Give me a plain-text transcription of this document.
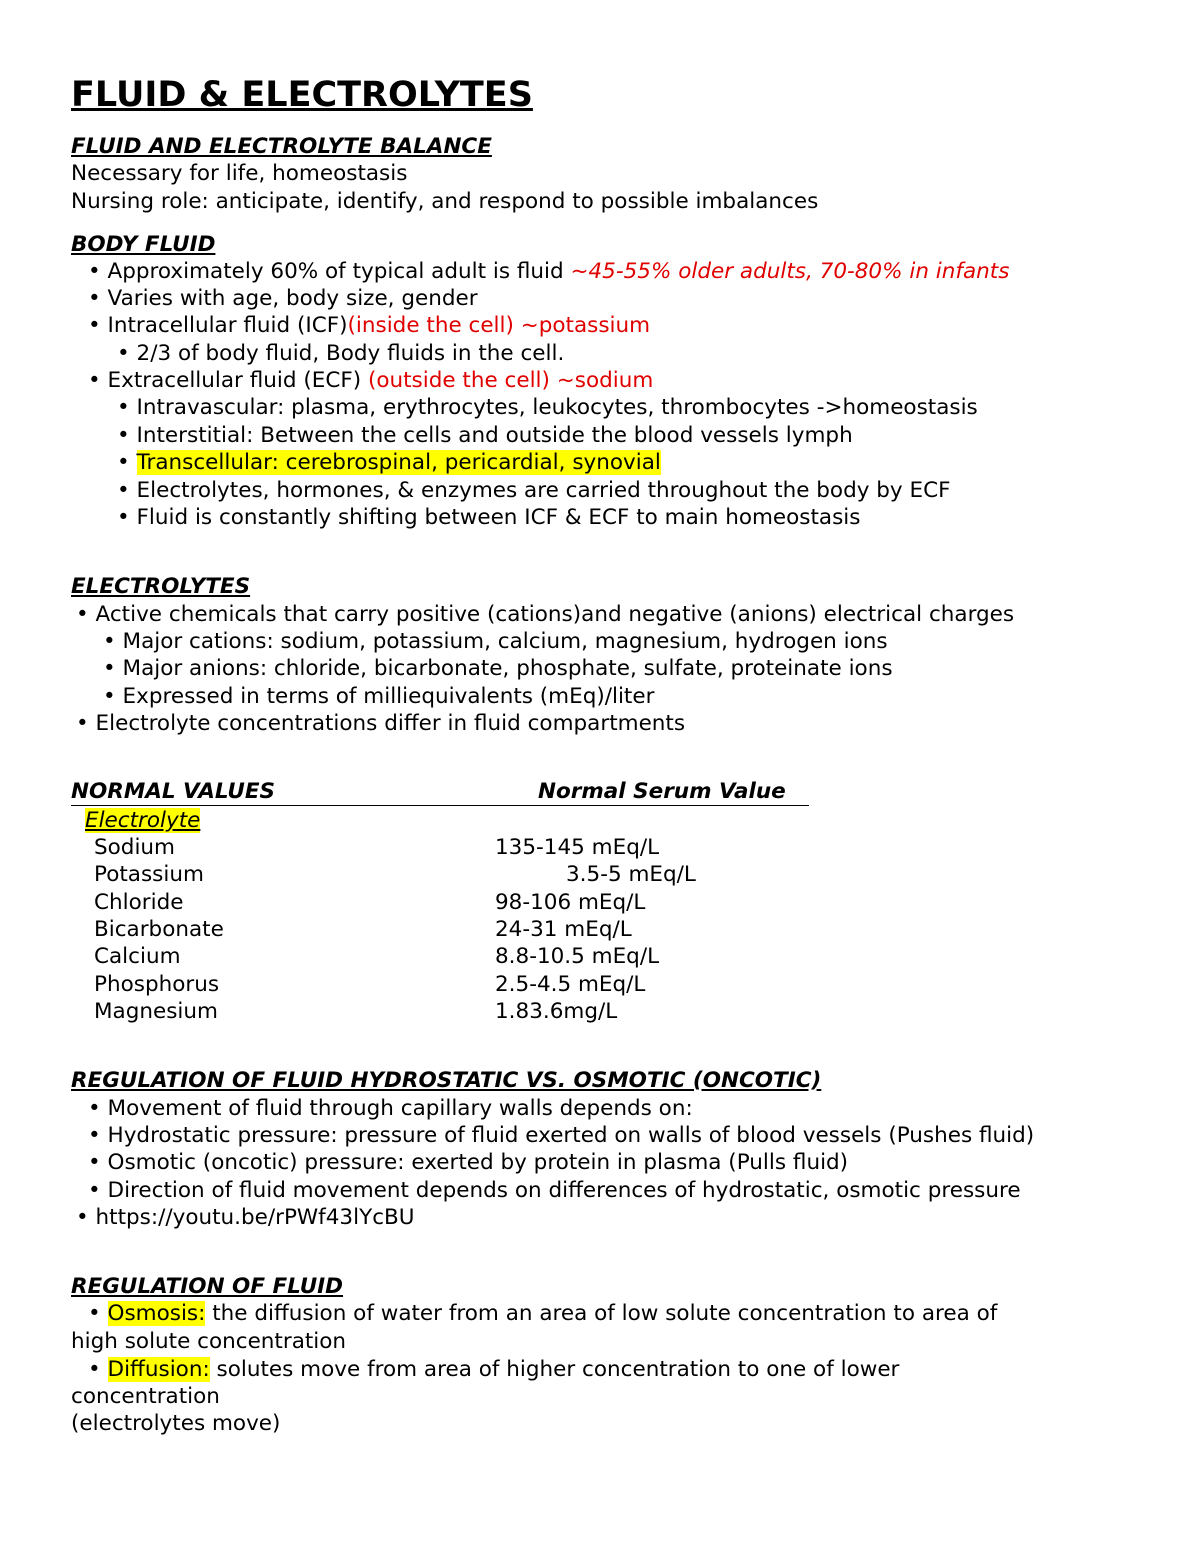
FLUID & ELECTROLYTES
FLUID AND ELECTROLYTE BALANCE
Necessary for life, homeostasis
Nursing role: anticipate, identify, and respond to possible imbalances
BODY FLUID
• Approximately 60% of typical adult is fluid ~45-55% older adults, 70-80% in infants
• Varies with age, body size, gender
• Intracellular fluid (ICF)(inside the cell) ~potassium
• 2/3 of body fluid, Body fluids in the cell.
• Extracellular fluid (ECF) (outside the cell) ~sodium
• Intravascular: plasma, erythrocytes, leukocytes, thrombocytes ->homeostasis
• Interstitial: Between the cells and outside the blood vessels lymph
• Transcellular: cerebrospinal, pericardial, synovial
• Electrolytes, hormones, & enzymes are carried throughout the body by ECF
• Fluid is constantly shifting between ICF & ECF to main homeostasis
ELECTROLYTES
• Active chemicals that carry positive (cations)and negative (anions) electrical charges
• Major cations: sodium, potassium, calcium, magnesium, hydrogen ions
• Major anions: chloride, bicarbonate, phosphate, sulfate, proteinate ions
• Expressed in terms of milliequivalents (mEq)/liter
• Electrolyte concentrations differ in fluid compartments
NORMAL VALUES	Normal Serum Value
Electrolyte
Sodium	135-145 mEq/L
Potassium	3.5-5 mEq/L
Chloride	98-106 mEq/L
Bicarbonate	24-31 mEq/L
Calcium	8.8-10.5 mEq/L
Phosphorus	2.5-4.5 mEq/L
Magnesium	1.83.6mg/L
REGULATION OF FLUID HYDROSTATIC VS. OSMOTIC (ONCOTIC)
• Movement of fluid through capillary walls depends on:
• Hydrostatic pressure: pressure of fluid exerted on walls of blood vessels (Pushes fluid)
• Osmotic (oncotic) pressure: exerted by protein in plasma (Pulls fluid)
• Direction of fluid movement depends on differences of hydrostatic, osmotic pressure
• https://youtu.be/rPWf43lYcBU
REGULATION OF FLUID
• Osmosis: the diffusion of water from an area of low solute concentration to area of
high solute concentration
• Diffusion: solutes move from area of higher concentration to one of lower
concentration
(electrolytes move)
